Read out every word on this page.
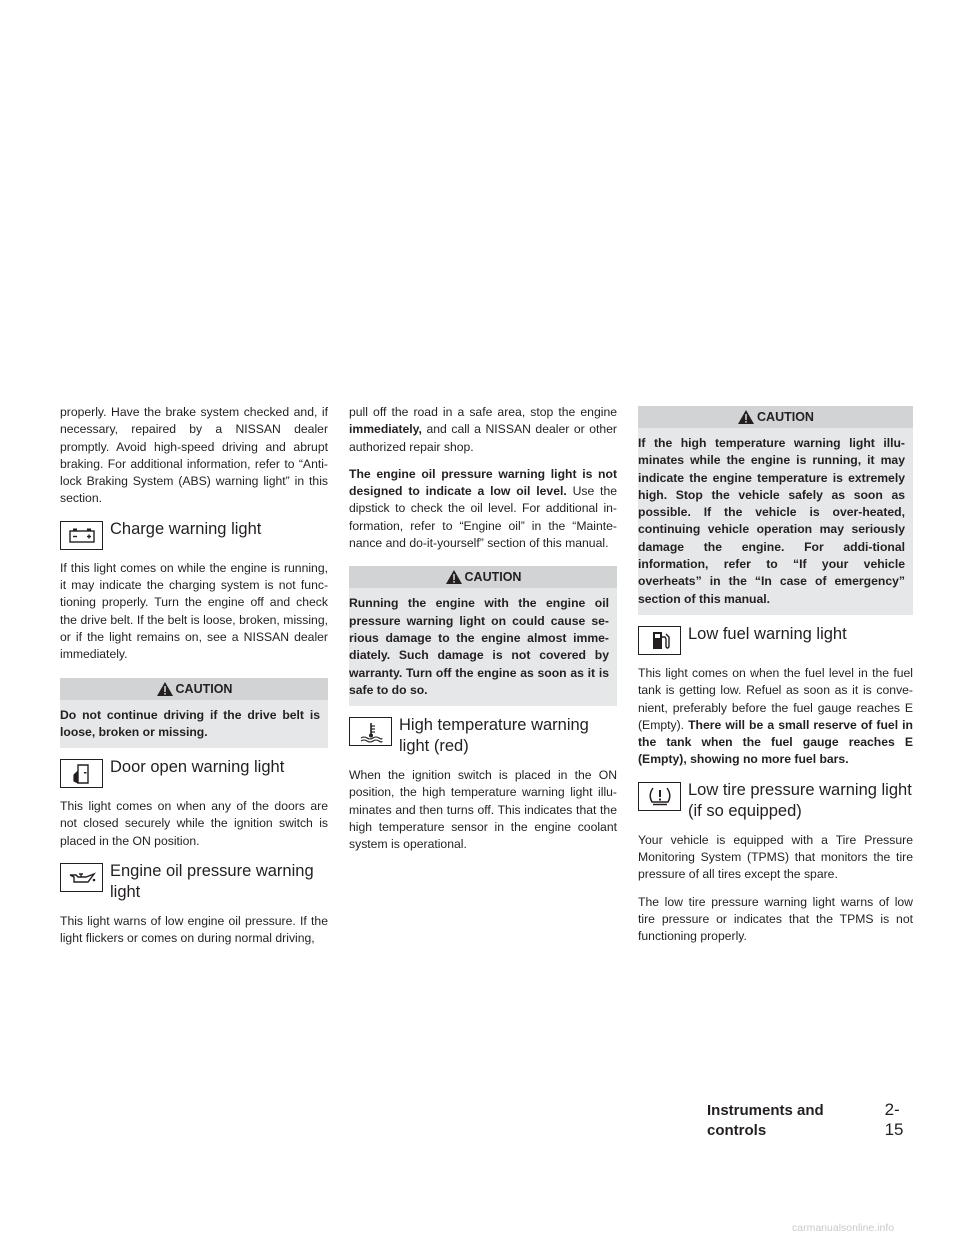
properly. Have the brake system checked and, if necessary, repaired by a NISSAN dealer promptly. Avoid high-speed driving and abrupt braking. For additional information, refer to “Anti-lock Braking System (ABS) warning light” in this section.

Charge warning light

If this light comes on while the engine is running, it may indicate the charging system is not func-tioning properly. Turn the engine off and check the drive belt. If the belt is loose, broken, missing, or if the light remains on, see a NISSAN dealer immediately.

CAUTION
Do not continue driving if the drive belt is loose, broken or missing.
Door open warning light

This light comes on when any of the doors are not closed securely while the ignition switch is placed in the ON position.

Engine oil pressure warning light

This light warns of low engine oil pressure. If the light flickers or comes on during normal driving,

pull off the road in a safe area, stop the engine immediately, and call a NISSAN dealer or other authorized repair shop.

The engine oil pressure warning light is not designed to indicate a low oil level. Use the dipstick to check the oil level. For additional in-formation, refer to “Engine oil” in the “Mainte-nance and do-it-yourself” section of this manual.

CAUTION
Running the engine with the engine oil pressure warning light on could cause se-rious damage to the engine almost imme-diately. Such damage is not covered by warranty. Turn off the engine as soon as it is safe to do so.
High temperature warning light (red)

When the ignition switch is placed in the ON position, the high temperature warning light illu-minates and then turns off. This indicates that the high temperature sensor in the engine coolant system is operational.

CAUTION
If the high temperature warning light illu-minates while the engine is running, it may indicate the engine temperature is extremely high. Stop the vehicle safely as soon as possible. If the vehicle is over-heated, continuing vehicle operation may seriously damage the engine. For addi-tional information, refer to “If your vehicle overheats” in the “In case of emergency” section of this manual.
Low fuel warning light

This light comes on when the fuel level in the fuel tank is getting low. Refuel as soon as it is conve-nient, preferably before the fuel gauge reaches E (Empty). There will be a small reserve of fuel in the tank when the fuel gauge reaches E (Empty), showing no more fuel bars.

Low tire pressure warning light (if so equipped)

Your vehicle is equipped with a Tire Pressure Monitoring System (TPMS) that monitors the tire pressure of all tires except the spare.

The low tire pressure warning light warns of low tire pressure or indicates that the TPMS is not functioning properly.

Instruments and controls
2-15
carmanualsonline.info
